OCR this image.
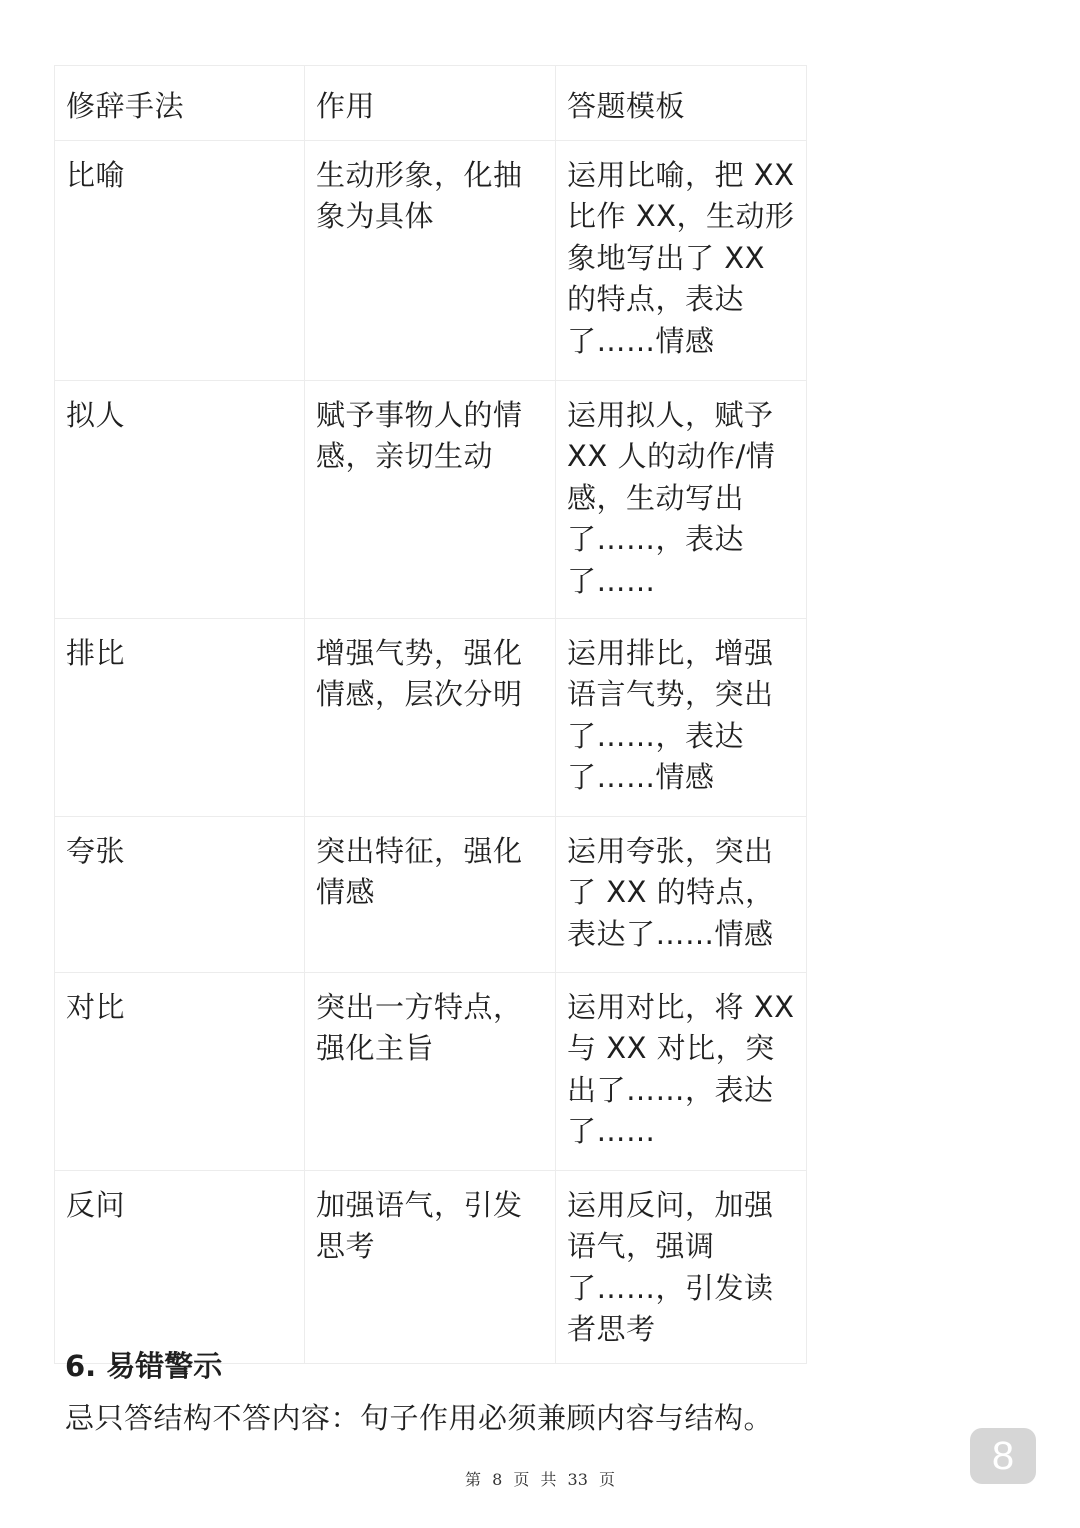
修辞手法	作用	答题模板
比喻	生动形象，化抽象为具体	运用比喻，把 XX 比作 XX，生动形象地写出了 XX 的特点，表达了……情感
拟人	赋予事物人的情感，亲切生动	运用拟人，赋予 XX 人的动作/情感，生动写出了……，表达了……
排比	增强气势，强化情感，层次分明	运用排比，增强语言气势，突出了……，表达了……情感
夸张	突出特征，强化情感	运用夸张，突出了 XX 的特点，表达了……情感
对比	突出一方特点，强化主旨	运用对比，将 XX 与 XX 对比，突出了……，表达了……
反问	加强语气，引发思考	运用反问，加强语气，强调了……，引发读者思考
6. 易错警示

忌只答结构不答内容：句子作用必须兼顾内容与结构。

第 8 页 共 33 页
8
